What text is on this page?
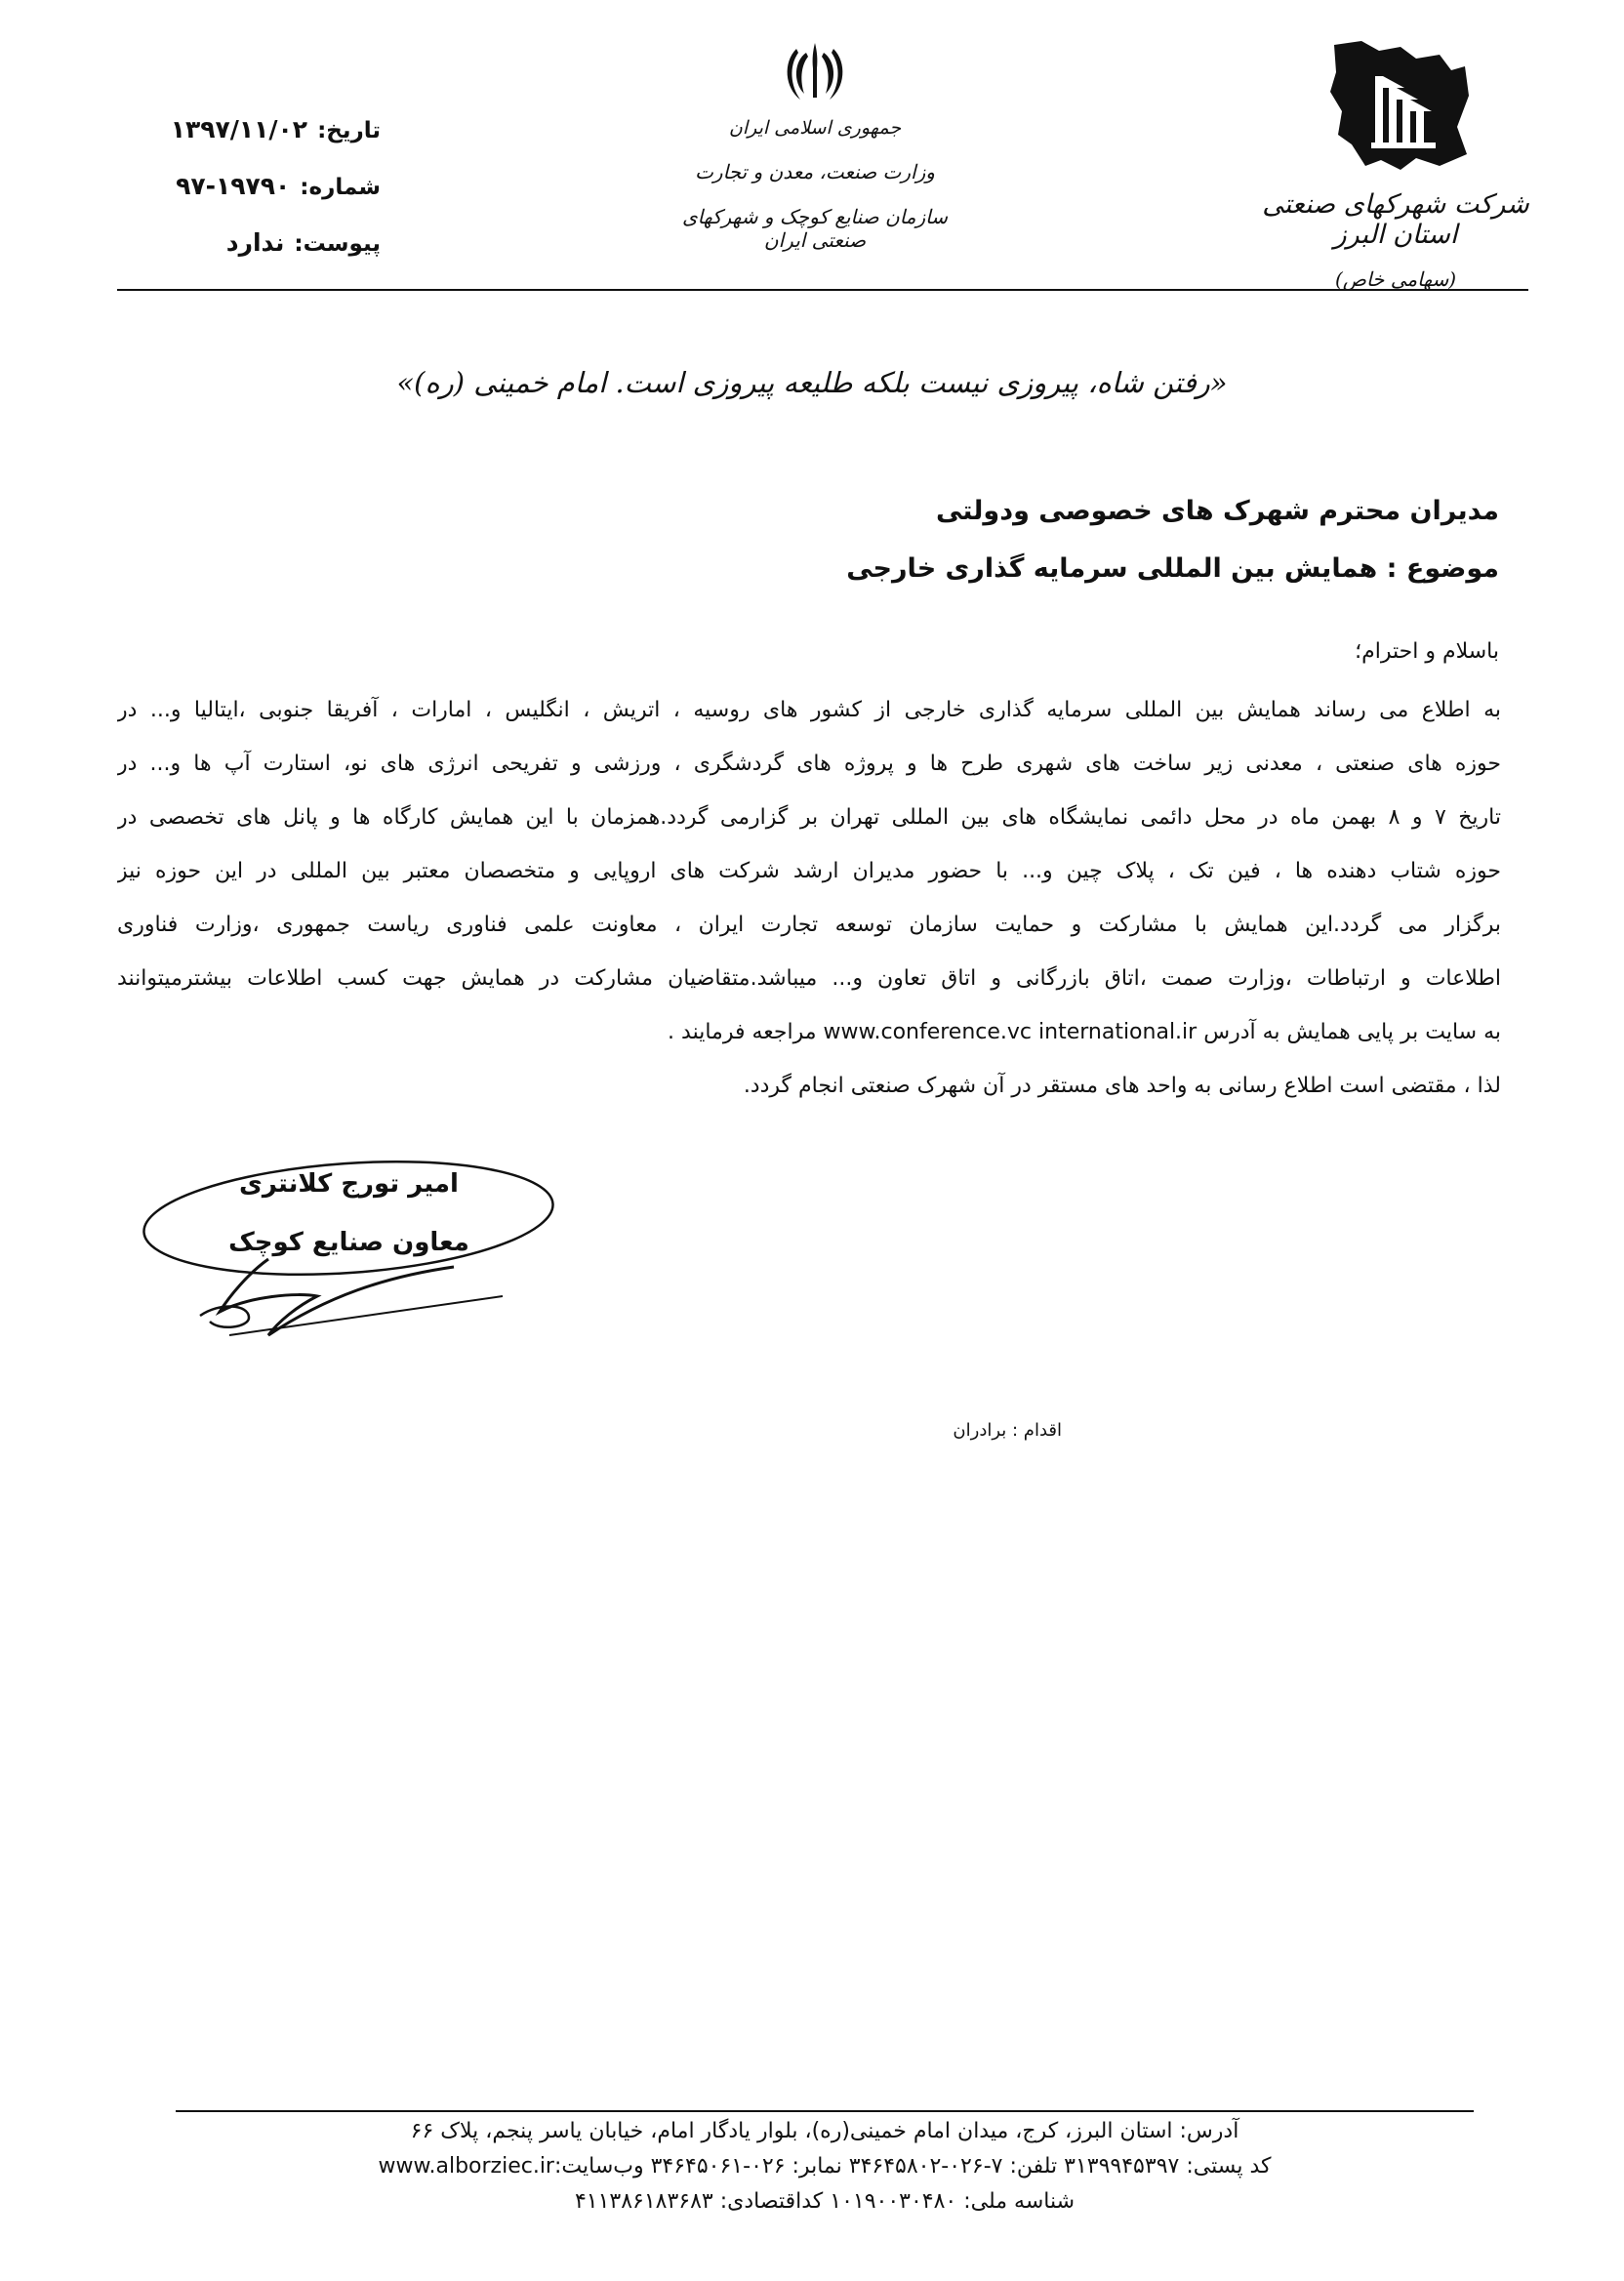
شرکت شهرکهای صنعتی استان البرز
(سهامی خاص)
جمهوری اسلامی ایران
وزارت صنعت، معدن و تجارت
سازمان صنایع کوچک و شهرکهای صنعتی ایران
تاریخ:
۱۳۹۷/۱۱/۰۲
شماره:
۹۷-۱۹۷۹۰
پیوست:
ندارد
«رفتن شاه، پیروزی نیست بلکه طلیعه پیروزی است. امام خمینی (ره)»
مدیران محترم شهرک های خصوصی ودولتی
موضوع : همایش بین المللی سرمایه گذاری خارجی
باسلام و احترام؛
به اطلاع می رساند همایش بین المللی سرمایه گذاری خارجی از کشور های روسیه ، اتریش ، انگلیس ، امارات ، آفریقا جنوبی ،ایتالیا و... در
حوزه های صنعتی ، معدنی زیر ساخت های شهری طرح ها و پروژه های گردشگری ، ورزشی و تفریحی انرژی های نو، استارت آپ ها و... در
تاریخ ۷ و ۸ بهمن ماه در محل دائمی نمایشگاه های بین المللی تهران بر گزارمی گردد.همزمان با این همایش کارگاه ها و پانل های تخصصی در
حوزه شتاب دهنده ها ، فین تک ، پلاک چین و... با حضور مدیران ارشد شرکت های اروپایی و متخصصان معتبر بین المللی در این حوزه نیز
برگزار می گردد.این همایش با مشارکت و حمایت سازمان توسعه تجارت ایران ، معاونت علمی فناوری ریاست جمهوری ،وزارت فناوری
اطلاعات و ارتباطات ،وزارت صمت ،اتاق بازرگانی و اتاق تعاون و... میباشد.متقاضیان مشارکت در همایش جهت کسب اطلاعات بیشترمیتوانند
به سایت بر پایی همایش به آدرس www.conference.vc international.ir مراجعه فرمایند .
لذا ، مقتضی است اطلاع رسانی به واحد های مستقر در آن شهرک صنعتی انجام گردد.
امیر تورج کلانتری
معاون صنایع کوچک
اقدام : برادران
آدرس: استان البرز، کرج، میدان امام خمینی(ره)، بلوار یادگار امام، خیابان یاسر پنجم، پلاک ۶۶
کد پستی: ۳۱۳۹۹۴۵۳۹۷ تلفن: ۷-۰۲۶-۳۴۶۴۵۸۰۲ نمابر: ۰۲۶-۳۴۶۴۵۰۶۱ وب‌سایت:www.alborziec.ir
شناسه ملی: ۱۰۱۹۰۰۳۰۴۸۰ کداقتصادی: ۴۱۱۳۸۶۱۸۳۶۸۳
